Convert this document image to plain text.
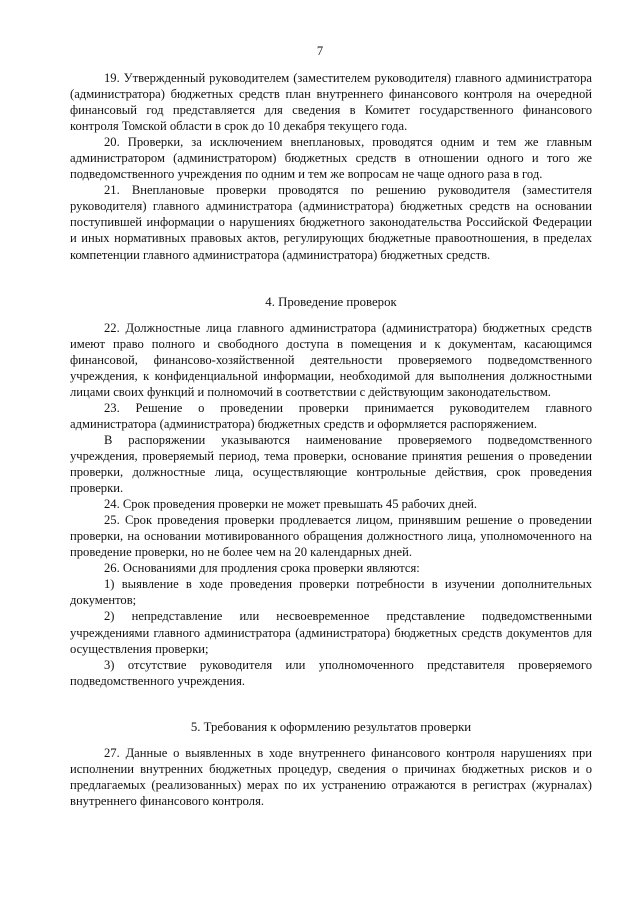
7

19. Утвержденный руководителем (заместителем руководителя) главного администратора (администратора) бюджетных средств план внутреннего финансового контроля на очередной финансовый год представляется для сведения в Комитет государственного финансового контроля Томской области в срок до 10 декабря текущего года.

20. Проверки, за исключением внеплановых, проводятся одним и тем же главным администратором (администратором) бюджетных средств в отношении одного и того же подведомственного учреждения по одним и тем же вопросам не чаще одного раза в год.

21. Внеплановые проверки проводятся по решению руководителя (заместителя руководителя) главного администратора (администратора) бюджетных средств на основании поступившей информации о нарушениях бюджетного законодательства Российской Федерации и иных нормативных правовых актов, регулирующих бюджетные правоотношения, в пределах компетенции главного администратора (администратора) бюджетных средств.

4. Проведение проверок

22. Должностные лица главного администратора (администратора) бюджетных средств имеют право полного и свободного доступа в помещения и к документам, касающимся финансовой, финансово-хозяйственной деятельности проверяемого подведомственного учреждения, к конфиденциальной информации, необходимой для выполнения должностными лицами своих функций и полномочий в соответствии с действующим законодательством.

23. Решение о проведении проверки принимается руководителем главного администратора (администратора) бюджетных средств и оформляется распоряжением.

В распоряжении указываются наименование проверяемого подведомственного учреждения, проверяемый период, тема проверки, основание принятия решения о проведении проверки, должностные лица, осуществляющие контрольные действия, срок проведения проверки.

24. Срок проведения проверки не может превышать 45 рабочих дней.

25. Срок проведения проверки продлевается лицом, принявшим решение о проведении проверки, на основании мотивированного обращения должностного лица, уполномоченного на проведение проверки, но не более чем на 20 календарных дней.

26. Основаниями для продления срока проверки являются:

1) выявление в ходе проведения проверки потребности в изучении дополнительных документов;

2) непредставление или несвоевременное представление подведомственными учреждениями главного администратора (администратора) бюджетных средств документов для осуществления проверки;

3) отсутствие руководителя или уполномоченного представителя проверяемого подведомственного учреждения.

5. Требования к оформлению результатов проверки

27. Данные о выявленных в ходе внутреннего финансового контроля нарушениях при исполнении внутренних бюджетных процедур, сведения о причинах бюджетных рисков и о предлагаемых (реализованных) мерах по их устранению отражаются в регистрах (журналах) внутреннего финансового контроля.
